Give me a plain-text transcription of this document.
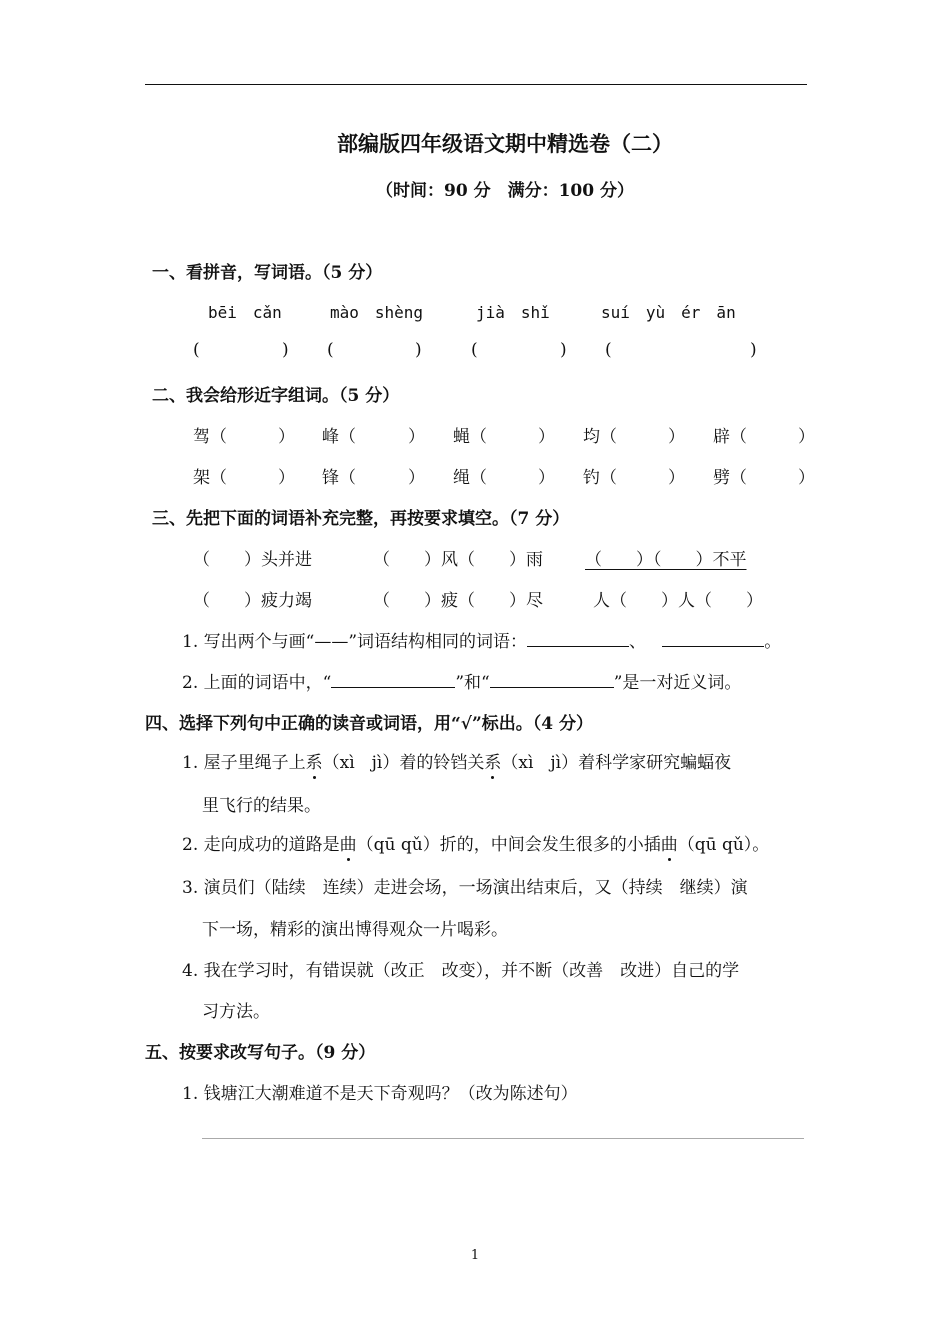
部编版四年级语文期中精选卷（二）
（时间：90 分　满分：100 分）
一、看拼音，写词语。（5 分）
bēi　cǎn	mào　shèng	jià　shǐ	suí　yù　ér　ān
(	) (	)	(	) (	)
二、我会给形近字组词。（5 分）
驾（	） 峰（	） 蝇（	） 均（	） 辟（	）
架（	） 锋（	） 绳（	） 钓（	） 劈（	）
三、先把下面的词语补充完整，再按要求填空。（7 分）
（　　）头并进	（　　）风（　　）雨 （　　）（　　）不平
（　　）疲力竭	（　　）疲（　　）尽	人（　　）人（　　）
1. 写出两个与画“——”词语结构相同的词语：	、	。
2. 上面的词语中，“	”和“	”是一对近义词。
四、选择下列句中正确的读音或词语，用“√”标出。（4 分）
1. 屋子里绳子上系（xì　jì）着的铃铛关系（xì　jì）着科学家研究蝙蝠夜
里飞行的结果。
2. 走向成功的道路是曲（qū qǔ）折的，中间会发生很多的小插曲（qū qǔ）。
3. 演员们（陆续　连续）走进会场，一场演出结束后，又（持续　继续）演
下一场，精彩的演出博得观众一片喝彩。
4. 我在学习时，有错误就（改正　改变），并不断（改善　改进）自己的学
习方法。
五、按要求改写句子。（9 分）
1. 钱塘江大潮难道不是天下奇观吗？（改为陈述句）
1
